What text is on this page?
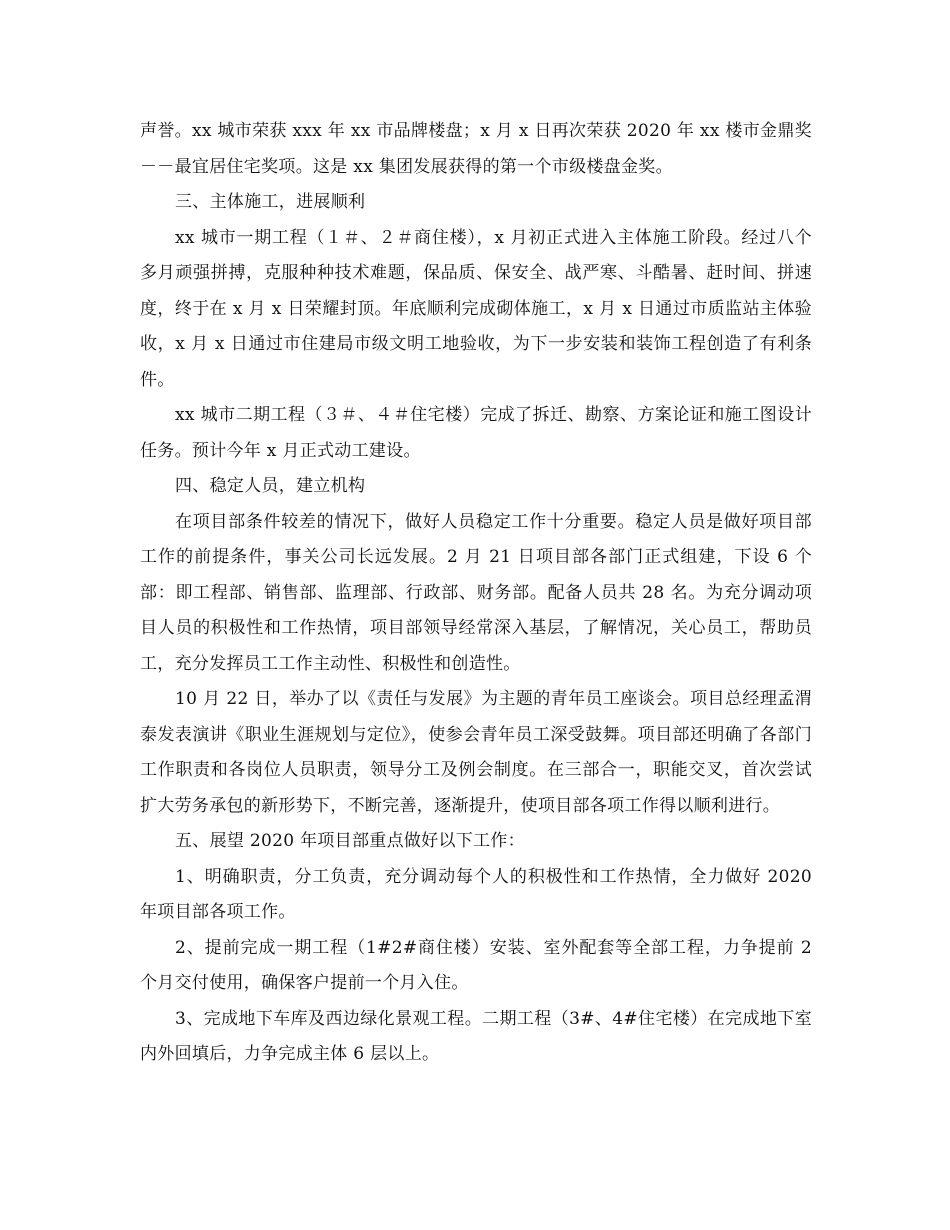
声誉。xx 城市荣获 xxx 年 xx 市品牌楼盘；x 月 x 日再次荣获 2020 年 xx 楼市金鼎奖－－最宜居住宅奖项。这是 xx 集团发展获得的第一个市级楼盘金奖。

三、主体施工，进展顺利

xx 城市一期工程（１＃、２＃商住楼），x 月初正式进入主体施工阶段。经过八个多月顽强拼搏，克服种种技术难题，保品质、保安全、战严寒、斗酷暑、赶时间、拼速度，终于在 x 月 x 日荣耀封顶。年底顺利完成砌体施工，x 月 x 日通过市质监站主体验收，x 月 x 日通过市住建局市级文明工地验收，为下一步安装和装饰工程创造了有利条件。

xx 城市二期工程（３＃、４＃住宅楼）完成了拆迁、勘察、方案论证和施工图设计任务。预计今年 x 月正式动工建设。

四、稳定人员，建立机构

在项目部条件较差的情况下，做好人员稳定工作十分重要。稳定人员是做好项目部工作的前提条件，事关公司长远发展。2 月 21 日项目部各部门正式组建，下设 6 个部：即工程部、销售部、监理部、行政部、财务部。配备人员共 28 名。为充分调动项目人员的积极性和工作热情，项目部领导经常深入基层，了解情况，关心员工，帮助员工，充分发挥员工工作主动性、积极性和创造性。

10 月 22 日，举办了以《责任与发展》为主题的青年员工座谈会。项目总经理孟渭泰发表演讲《职业生涯规划与定位》，使参会青年员工深受鼓舞。项目部还明确了各部门工作职责和各岗位人员职责，领导分工及例会制度。在三部合一，职能交叉，首次尝试扩大劳务承包的新形势下，不断完善，逐渐提升，使项目部各项工作得以顺利进行。

五、展望 2020 年项目部重点做好以下工作：

1、明确职责，分工负责，充分调动每个人的积极性和工作热情，全力做好 2020 年项目部各项工作。

2、提前完成一期工程（1#2#商住楼）安装、室外配套等全部工程，力争提前 2 个月交付使用，确保客户提前一个月入住。

3、完成地下车库及西边绿化景观工程。二期工程（3#、4#住宅楼）在完成地下室内外回填后，力争完成主体 6 层以上。
